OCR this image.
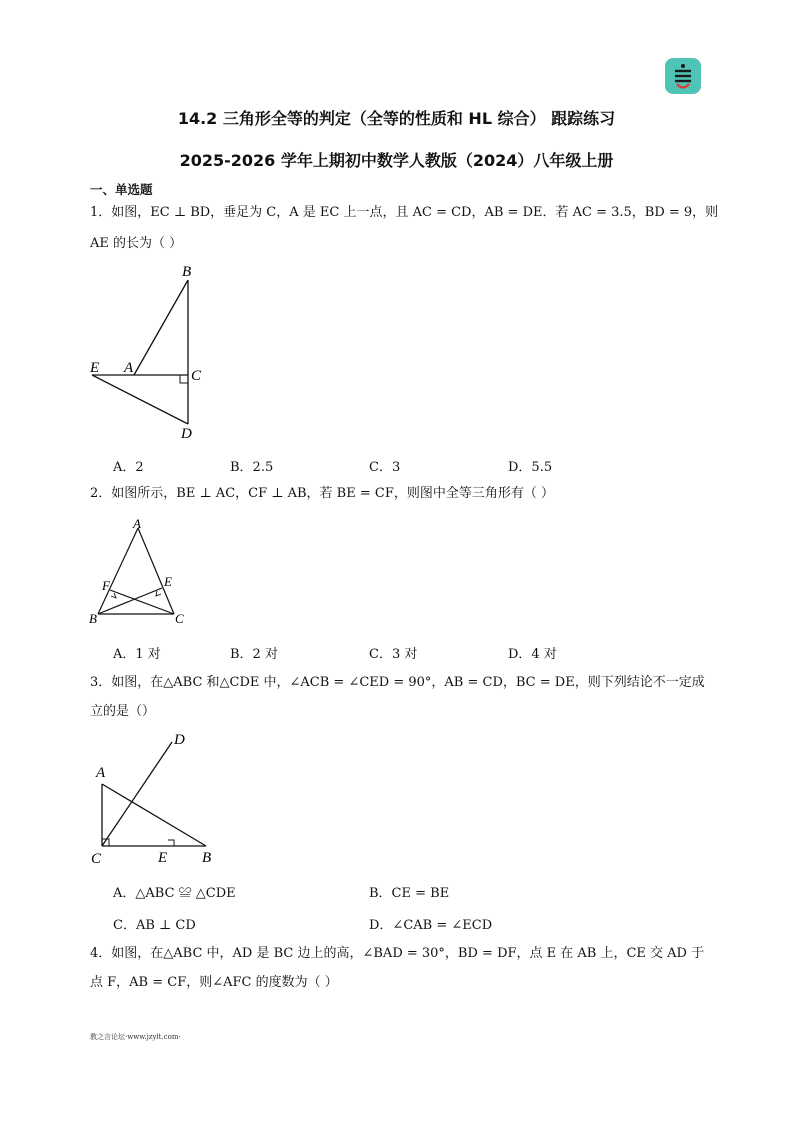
14.2 三角形全等的判定（全等的性质和 HL 综合） 跟踪练习
2025-2026 学年上期初中数学人教版（2024）八年级上册
一、单选题
1．如图，EC ⊥ BD，垂足为 C，A 是 EC 上一点，且 AC = CD，AB = DE．若 AC = 3.5，BD = 9，则
AE 的长为（ ）
B
E A	C
D
A．2	B．2.5	C．3	D．5.5
2．如图所示，BE ⊥ AC，CF ⊥ AB，若 BE = CF，则图中全等三角形有（ ）
A
F	E
B	C
A．1 对	B．2 对	C．3 对	D．4 对
3．如图，在△ABC 和△CDE 中，∠ACB = ∠CED = 90°，AB = CD，BC = DE，则下列结论不一定成
立的是（）
D
A
C	E B
A．△ABC ≌ △CDE	B．CE = BE
C．AB ⊥ CD	D．∠CAB = ∠ECD
4．如图，在△ABC 中，AD 是 BC 边上的高，∠BAD = 30°，BD = DF，点 E 在 AB 上，CE 交 AD 于
点 F，AB = CF，则∠AFC 的度数为（ ）
教之言论坛·www.jzylt.com·
